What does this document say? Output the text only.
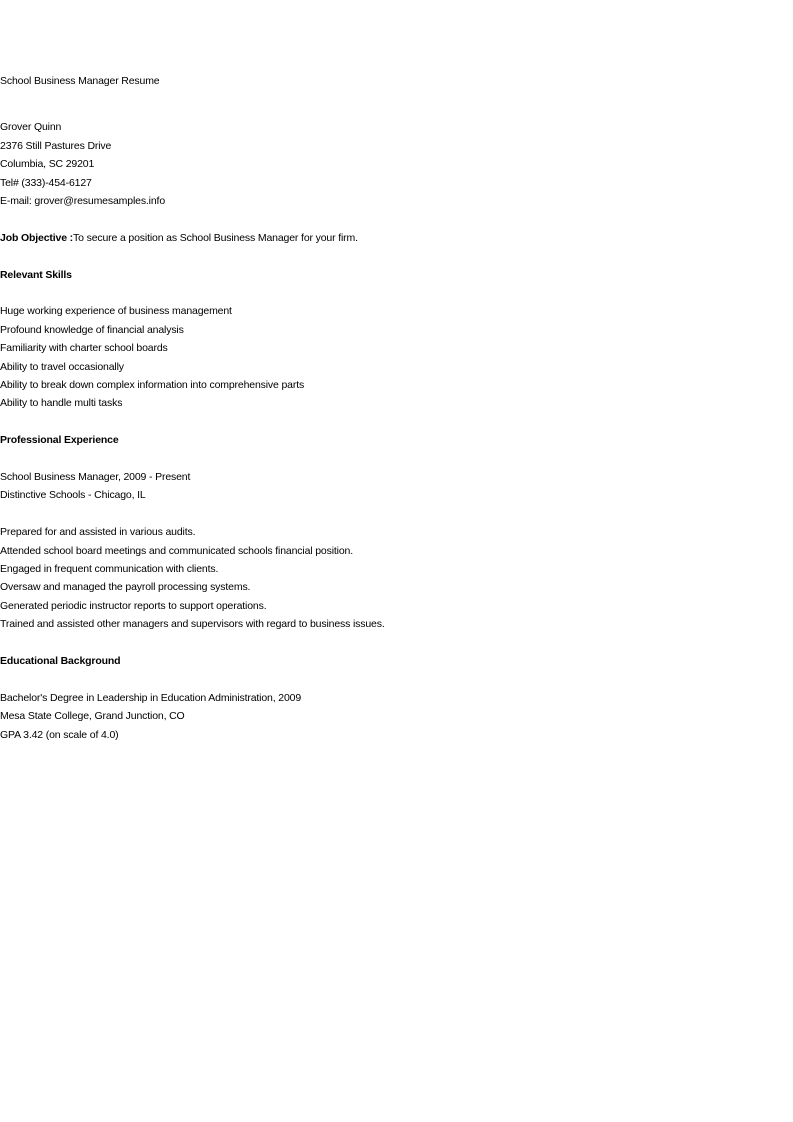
School Business Manager Resume
Grover Quinn
2376 Still Pastures Drive
Columbia, SC 29201
Tel# (333)-454-6127
E-mail: grover@resumesamples.info
Job Objective :To secure a position as School Business Manager for your firm.
Relevant Skills
Huge working experience of business management
Profound knowledge of financial analysis
Familiarity with charter school boards
Ability to travel occasionally
Ability to break down complex information into comprehensive parts
Ability to handle multi tasks
Professional Experience
School Business Manager, 2009 - Present
Distinctive Schools - Chicago, IL
Prepared for and assisted in various audits.
Attended school board meetings and communicated schools financial position.
Engaged in frequent communication with clients.
Oversaw and managed the payroll processing systems.
Generated periodic instructor reports to support operations.
Trained and assisted other managers and supervisors with regard to business issues.
Educational Background
Bachelor's Degree in Leadership in Education Administration, 2009
Mesa State College, Grand Junction, CO
GPA 3.42 (on scale of 4.0)
